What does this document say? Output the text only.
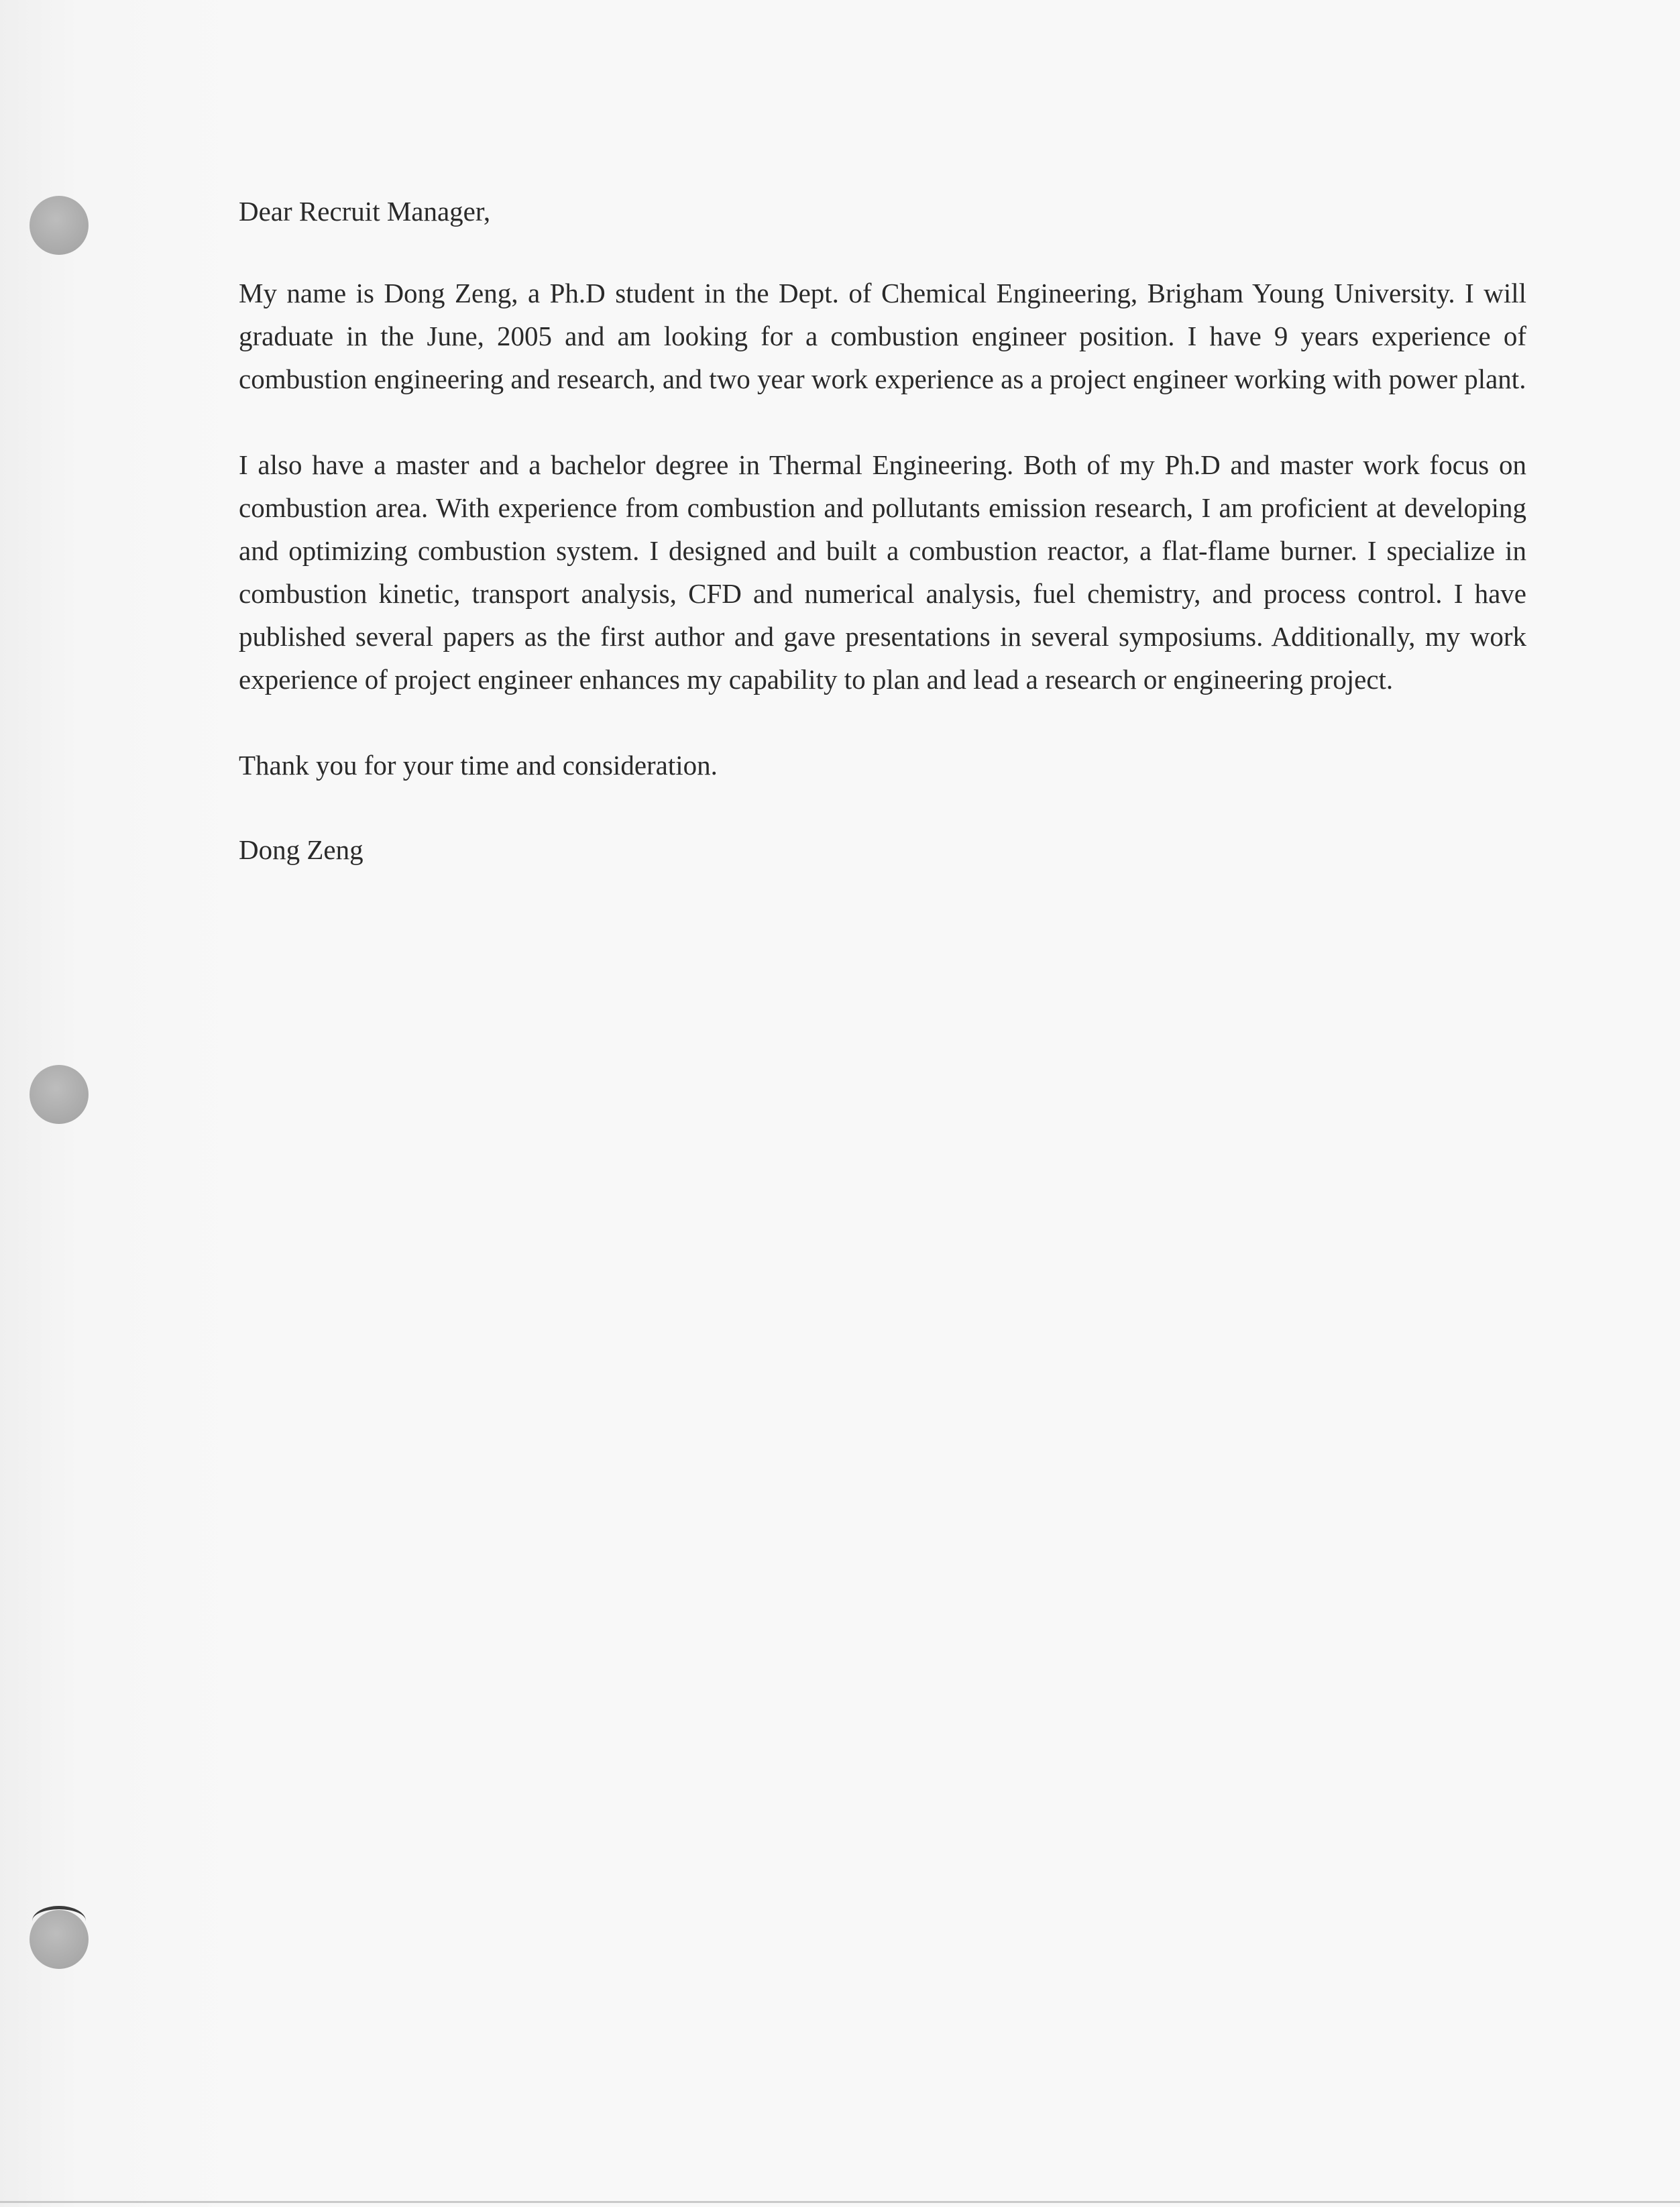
Dear Recruit Manager,

My name is Dong Zeng, a Ph.D student in the Dept. of Chemical Engineering, Brigham Young University. I will graduate in the June, 2005 and am looking for a combustion engineer position. I have 9 years experience of combustion engineering and research, and two year work experience as a project engineer working with power plant.

I also have a master and a bachelor degree in Thermal Engineering. Both of my Ph.D and master work focus on combustion area. With experience from combustion and pollutants emission research, I am proficient at developing and optimizing combustion system. I designed and built a combustion reactor, a flat-flame burner. I specialize in combustion kinetic, transport analysis, CFD and numerical analysis, fuel chemistry, and process control. I have published several papers as the first author and gave presentations in several symposiums. Additionally, my work experience of project engineer enhances my capability to plan and lead a research or engineering project.

Thank you for your time and consideration.

Dong Zeng
